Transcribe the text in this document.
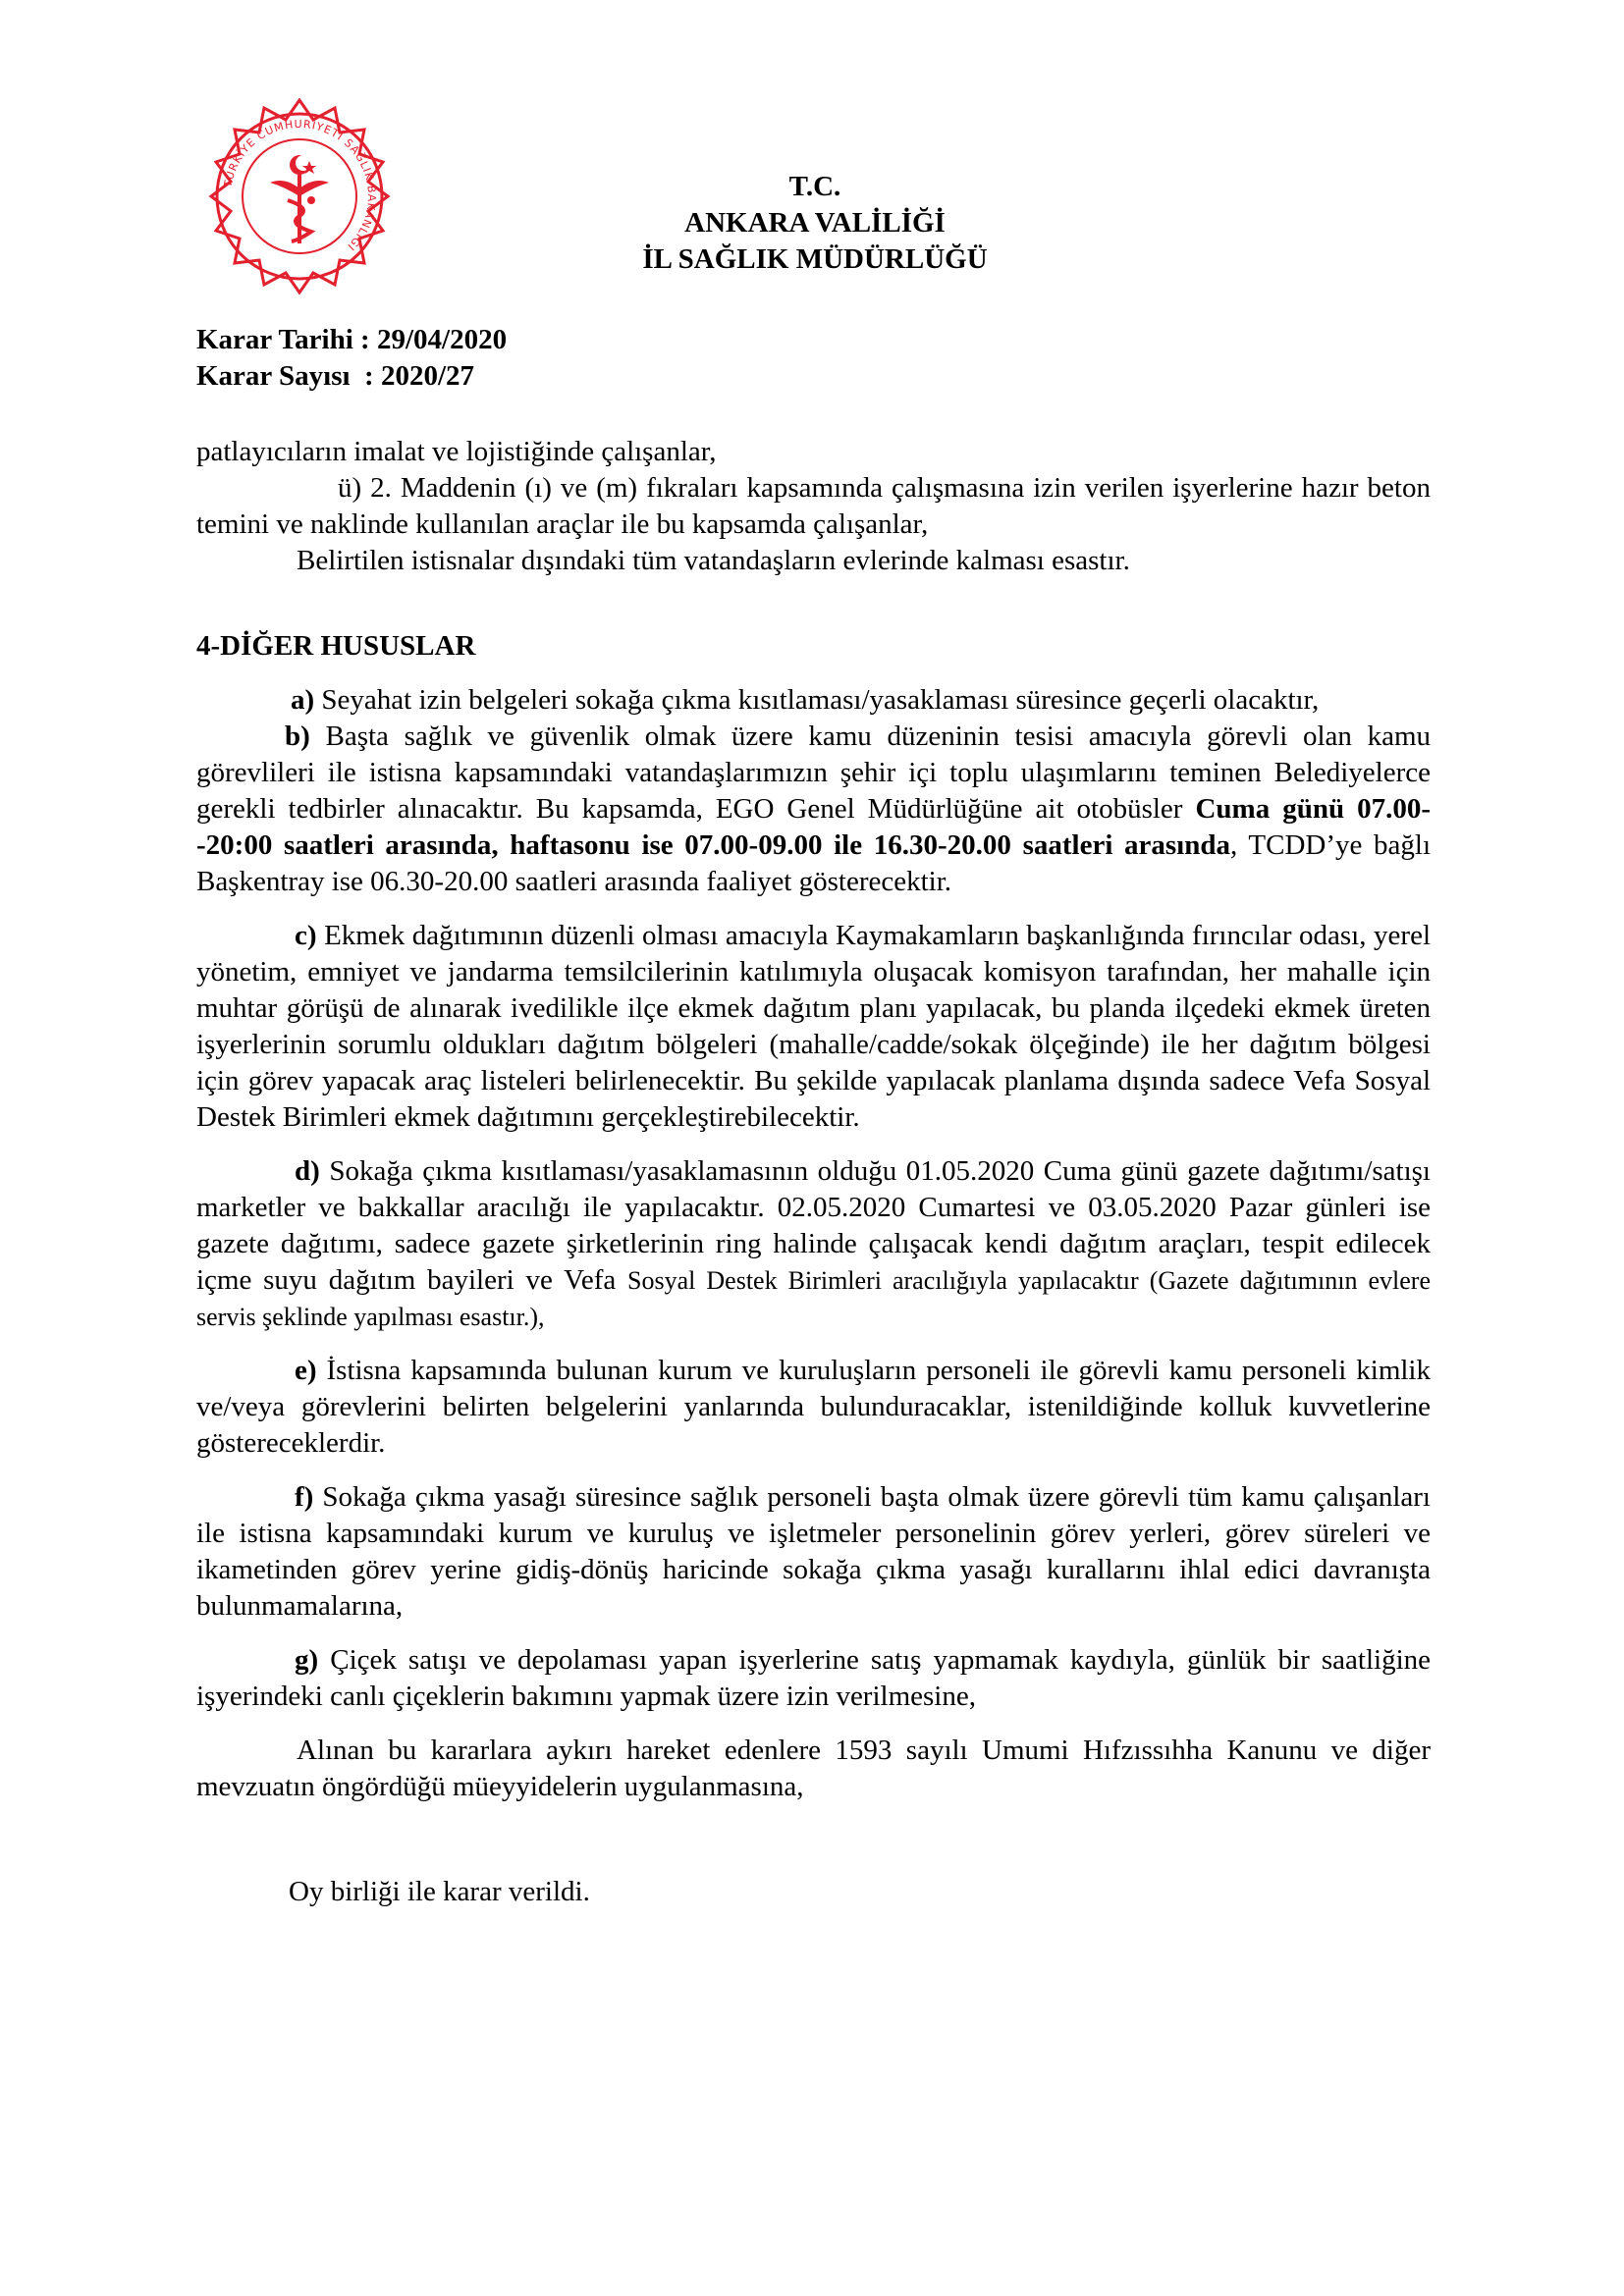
TÜRKİYE CUMHURİYETİ SAĞLIK BAKANLIĞI
T.C.
ANKARA VALİLİĞİ
İL SAĞLIK MÜDÜRLÜĞÜ
Karar Tarihi : 29/04/2020
Karar Sayısı  : 2020/27

patlayıcıların imalat ve lojistiğinde çalışanlar,

ü) 2. Maddenin (ı) ve (m) fıkraları kapsamında çalışmasına izin verilen işyerlerine hazır beton temini ve naklinde kullanılan araçlar ile bu kapsamda çalışanlar,

Belirtilen istisnalar dışındaki tüm vatandaşların evlerinde kalması esastır.

4-DİĞER HUSUSLAR

a) Seyahat izin belgeleri sokağa çıkma kısıtlaması/yasaklaması süresince geçerli olacaktır,

b) Başta sağlık ve güvenlik olmak üzere kamu düzeninin tesisi amacıyla görevli olan kamu görevlileri ile istisna kapsamındaki vatandaşlarımızın şehir içi toplu ulaşımlarını teminen Belediyelerce gerekli tedbirler alınacaktır. Bu kapsamda, EGO Genel Müdürlüğüne ait otobüsler Cuma günü 07.00--20:00 saatleri arasında, haftasonu ise 07.00-09.00 ile 16.30-20.00 saatleri arasında, TCDD’ye bağlı Başkentray ise 06.30-20.00 saatleri arasında faaliyet gösterecektir.

c) Ekmek dağıtımının düzenli olması amacıyla Kaymakamların başkanlığında fırıncılar odası, yerel yönetim, emniyet ve jandarma temsilcilerinin katılımıyla oluşacak komisyon tarafından, her mahalle için muhtar görüşü de alınarak ivedilikle ilçe ekmek dağıtım planı yapılacak, bu planda ilçedeki ekmek üreten işyerlerinin sorumlu oldukları dağıtım bölgeleri (mahalle/cadde/sokak ölçeğinde) ile her dağıtım bölgesi için görev yapacak araç listeleri belirlenecektir. Bu şekilde yapılacak planlama dışında sadece Vefa Sosyal Destek Birimleri ekmek dağıtımını gerçekleştirebilecektir.

d) Sokağa çıkma kısıtlaması/yasaklamasının olduğu 01.05.2020 Cuma günü gazete dağıtımı/satışı marketler ve bakkallar aracılığı ile yapılacaktır. 02.05.2020 Cumartesi ve 03.05.2020 Pazar günleri ise gazete dağıtımı, sadece gazete şirketlerinin ring halinde çalışacak kendi dağıtım araçları, tespit edilecek içme suyu dağıtım bayileri ve Vefa Sosyal Destek Birimleri aracılığıyla yapılacaktır (Gazete dağıtımının evlere servis şeklinde yapılması esastır.),

e) İstisna kapsamında bulunan kurum ve kuruluşların personeli ile görevli kamu personeli kimlik ve/veya görevlerini belirten belgelerini yanlarında bulunduracaklar, istenildiğinde kolluk kuvvetlerine göstereceklerdir.

f) Sokağa çıkma yasağı süresince sağlık personeli başta olmak üzere görevli tüm kamu çalışanları ile istisna kapsamındaki kurum ve kuruluş ve işletmeler personelinin görev yerleri, görev süreleri ve ikametinden görev yerine gidiş-dönüş haricinde sokağa çıkma yasağı kurallarını ihlal edici davranışta bulunmamalarına,

g) Çiçek satışı ve depolaması yapan işyerlerine satış yapmamak kaydıyla, günlük bir saatliğine işyerindeki canlı çiçeklerin bakımını yapmak üzere izin verilmesine,

Alınan bu kararlara aykırı hareket edenlere 1593 sayılı Umumi Hıfzıssıhha Kanunu ve diğer mevzuatın öngördüğü müeyyidelerin uygulanmasına,

Oy birliği ile karar verildi.
